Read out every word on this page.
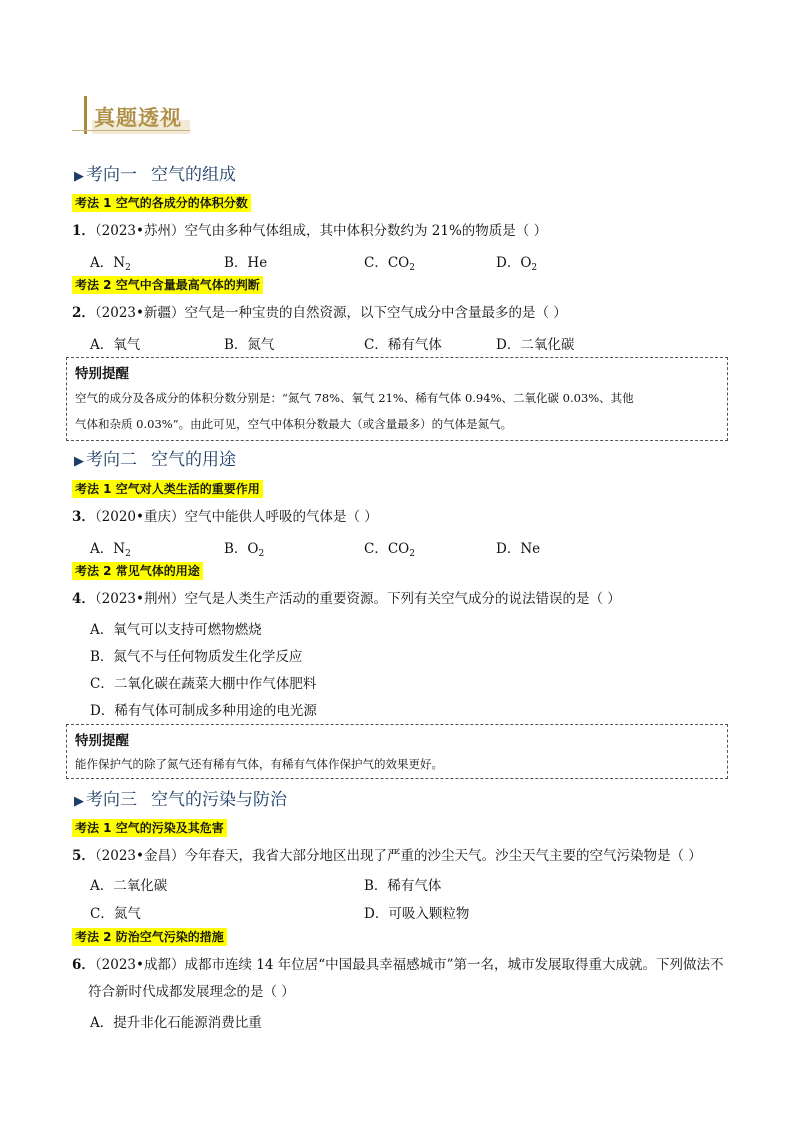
真题透视
▶ 考向一 空气的组成
考法 1 空气的各成分的体积分数
1．（2023•苏州）空气由多种气体组成，其中体积分数约为 21%的物质是（ ）
A．$N_2$	B．He	C．$CO_2$	D．$O_2$
考法 2 空气中含量最高气体的判断
2．（2023•新疆）空气是一种宝贵的自然资源，以下空气成分中含量最多的是（ ）
A．氧气	B．氮气	C．稀有气体	D．二氧化碳
特别提醒
空气的成分及各成分的体积分数分别是：“氮气 78%、氧气 21%、稀有气体 0.94%、二氧化碳 0.03%、其他
气体和杂质 0.03%”。由此可见，空气中体积分数最大（或含量最多）的气体是氮气。
▶ 考向二 空气的用途
考法 1 空气对人类生活的重要作用
3．（2020•重庆）空气中能供人呼吸的气体是（ ）
A．$N_2$	B．$O_2$	C．$CO_2$	D．Ne
考法 2 常见气体的用途
4．（2023•荆州）空气是人类生产活动的重要资源。下列有关空气成分的说法错误的是（ ）
A．氧气可以支持可燃物燃烧
B．氮气不与任何物质发生化学反应
C．二氧化碳在蔬菜大棚中作气体肥料
D．稀有气体可制成多种用途的电光源
特别提醒
能作保护气的除了氮气还有稀有气体，有稀有气体作保护气的效果更好。
▶ 考向三 空气的污染与防治
考法 1 空气的污染及其危害
5．（2023•金昌）今年春天，我省大部分地区出现了严重的沙尘天气。沙尘天气主要的空气污染物是（ ）
A．二氧化碳	B．稀有气体
C．氮气	D．可吸入颗粒物
考法 2 防治空气污染的措施
6．（2023•成都）成都市连续 14 年位居“中国最具幸福感城市”第一名，城市发展取得重大成就。下列做法不
符合新时代成都发展理念的是（ ）
A．提升非化石能源消费比重
